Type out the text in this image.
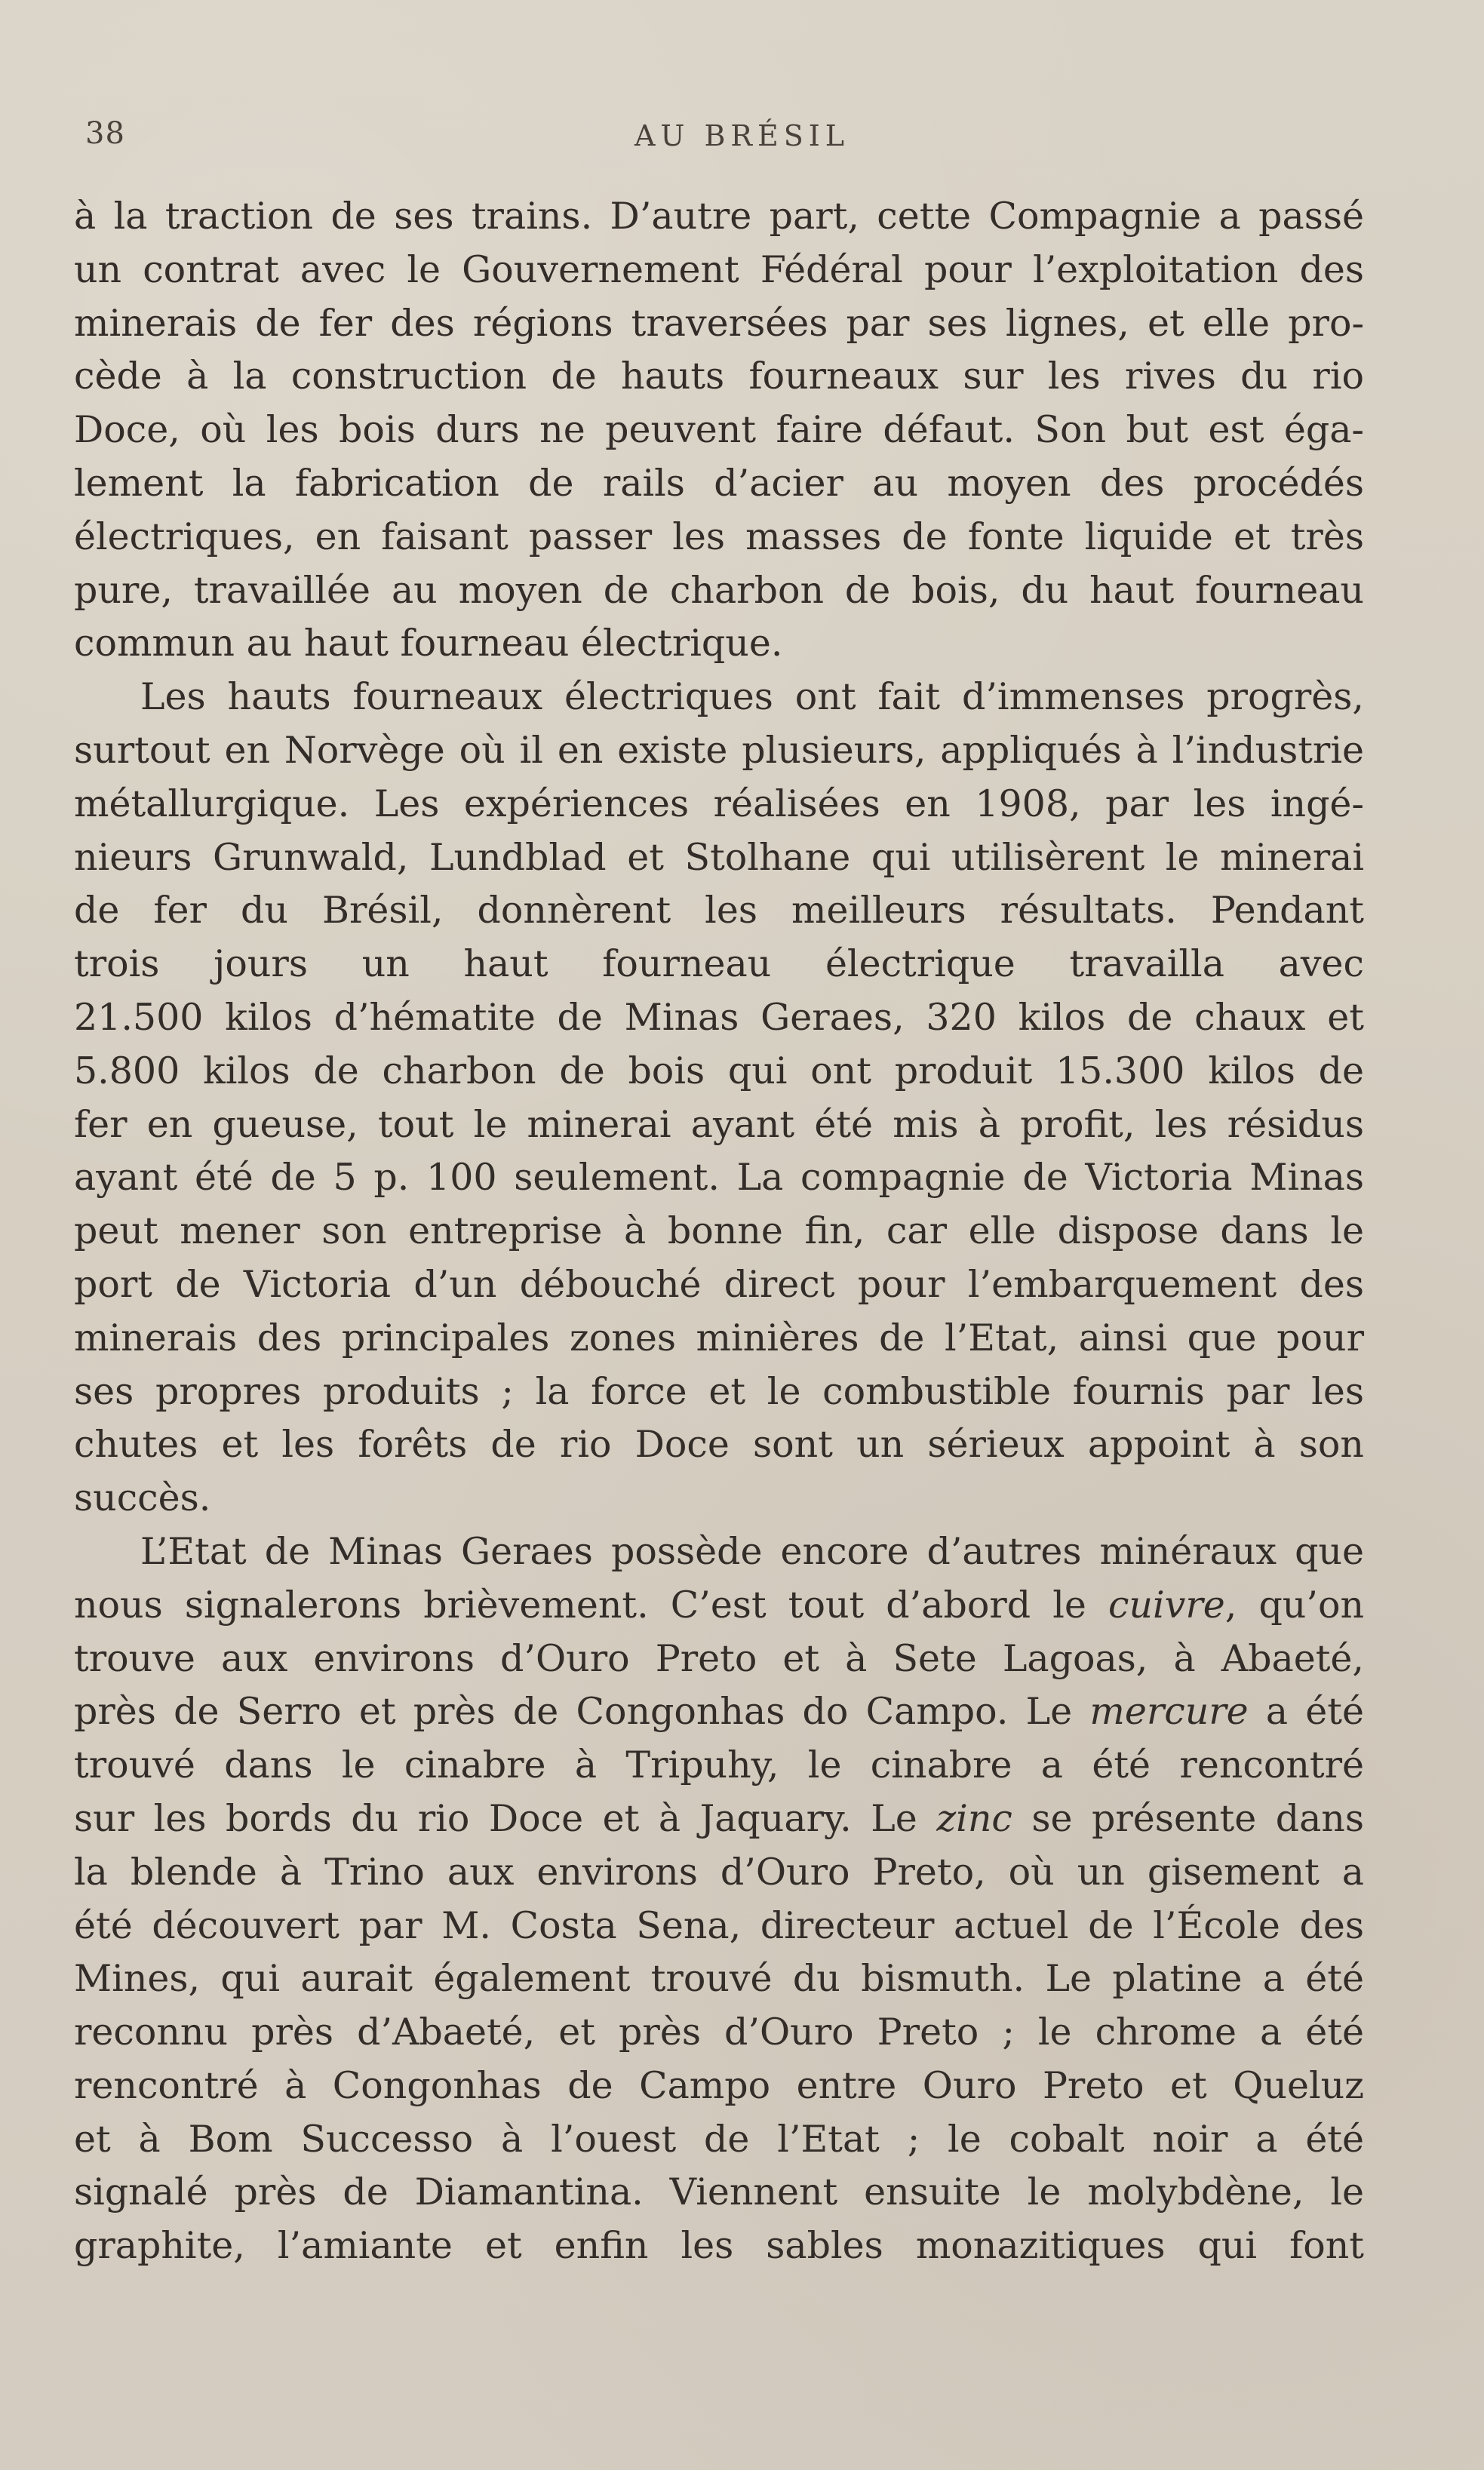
38	AU BRÉSIL
à la traction de ses trains. D’autre part, cette Compagnie a passé
un contrat avec le Gouvernement Fédéral pour l’exploitation des
minerais de fer des régions traversées par ses lignes, et elle pro-
cède à la construction de hauts fourneaux sur les rives du rio
Doce, où les bois durs ne peuvent faire défaut. Son but est éga-
lement la fabrication de rails d’acier au moyen des procédés
électriques, en faisant passer les masses de fonte liquide et très
pure, travaillée au moyen de charbon de bois, du haut fourneau
commun au haut fourneau électrique.
Les hauts fourneaux électriques ont fait d’immenses progrès,
surtout en Norvège où il en existe plusieurs, appliqués à l’industrie
métallurgique. Les expériences réalisées en 1908, par les ingé-
nieurs Grunwald, Lundblad et Stolhane qui utilisèrent le minerai
de fer du Brésil, donnèrent les meilleurs résultats. Pendant
trois jours un haut fourneau électrique travailla avec
21.500 kilos d’hématite de Minas Geraes, 320 kilos de chaux et
5.800 kilos de charbon de bois qui ont produit 15.300 kilos de
fer en gueuse, tout le minerai ayant été mis à profit, les résidus
ayant été de 5 p. 100 seulement. La compagnie de Victoria Minas
peut mener son entreprise à bonne fin, car elle dispose dans le
port de Victoria d’un débouché direct pour l’embarquement des
minerais des principales zones minières de l’Etat, ainsi que pour
ses propres produits ; la force et le combustible fournis par les
chutes et les forêts de rio Doce sont un sérieux appoint à son
succès.
L’Etat de Minas Geraes possède encore d’autres minéraux que
nous signalerons brièvement. C’est tout d’abord le cuivre, qu’on
trouve aux environs d’Ouro Preto et à Sete Lagoas, à Abaeté,
près de Serro et près de Congonhas do Campo. Le mercure a été
trouvé dans le cinabre à Tripuhy, le cinabre a été rencontré
sur les bords du rio Doce et à Jaquary. Le zinc se présente dans
la blende à Trino aux environs d’Ouro Preto, où un gisement a
été découvert par M. Costa Sena, directeur actuel de l’École des
Mines, qui aurait également trouvé du bismuth. Le platine a été
reconnu près d’Abaeté, et près d’Ouro Preto ; le chrome a été
rencontré à Congonhas de Campo entre Ouro Preto et Queluz
et à Bom Successo à l’ouest de l’Etat ; le cobalt noir a été
signalé près de Diamantina. Viennent ensuite le molybdène, le
graphite, l’amiante et enfin les sables monazitiques qui font
